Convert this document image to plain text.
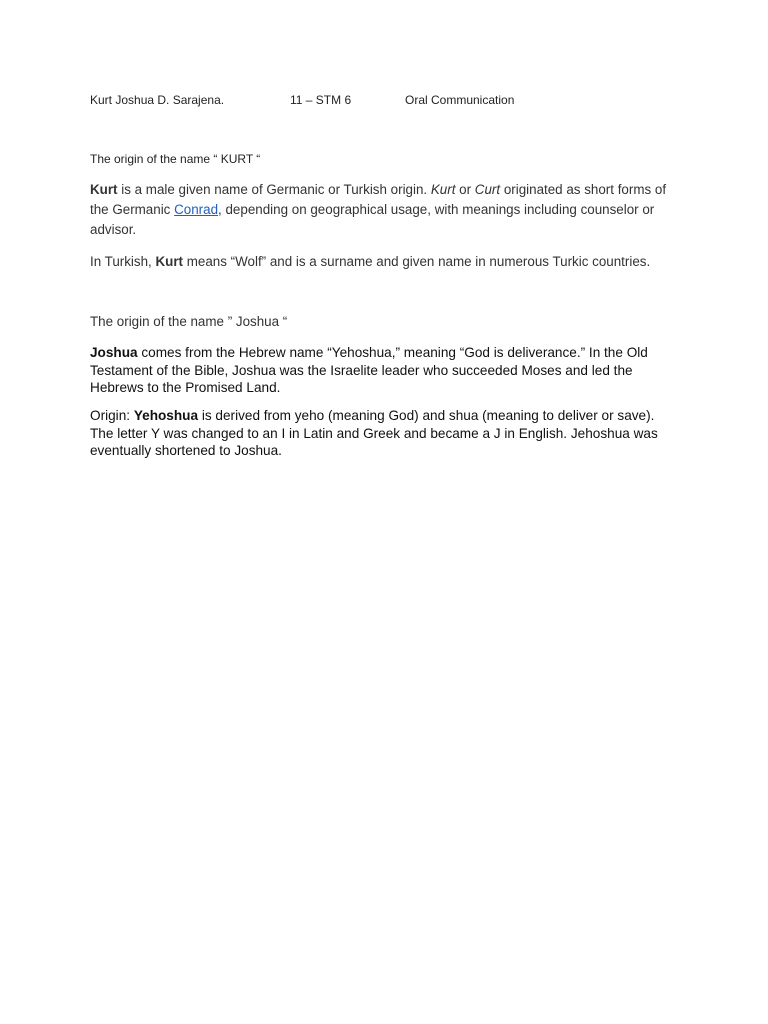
Kurt Joshua D. Sarajena.	11 – STM 6	Oral Communication
The origin of the name “ KURT “

Kurt is a male given name of Germanic or Turkish origin. Kurt or Curt originated as short forms of the Germanic Conrad, depending on geographical usage, with meanings including counselor or advisor.

In Turkish, Kurt means “Wolf” and is a surname and given name in numerous Turkic countries.

The origin of the name ” Joshua “

Joshua comes from the Hebrew name “Yehoshua,” meaning “God is deliverance.” In the Old Testament of the Bible, Joshua was the Israelite leader who succeeded Moses and led the Hebrews to the Promised Land.

Origin: Yehoshua is derived from yeho (meaning God) and shua (meaning to deliver or save). The letter Y was changed to an I in Latin and Greek and became a J in English. Jehoshua was eventually shortened to Joshua.
